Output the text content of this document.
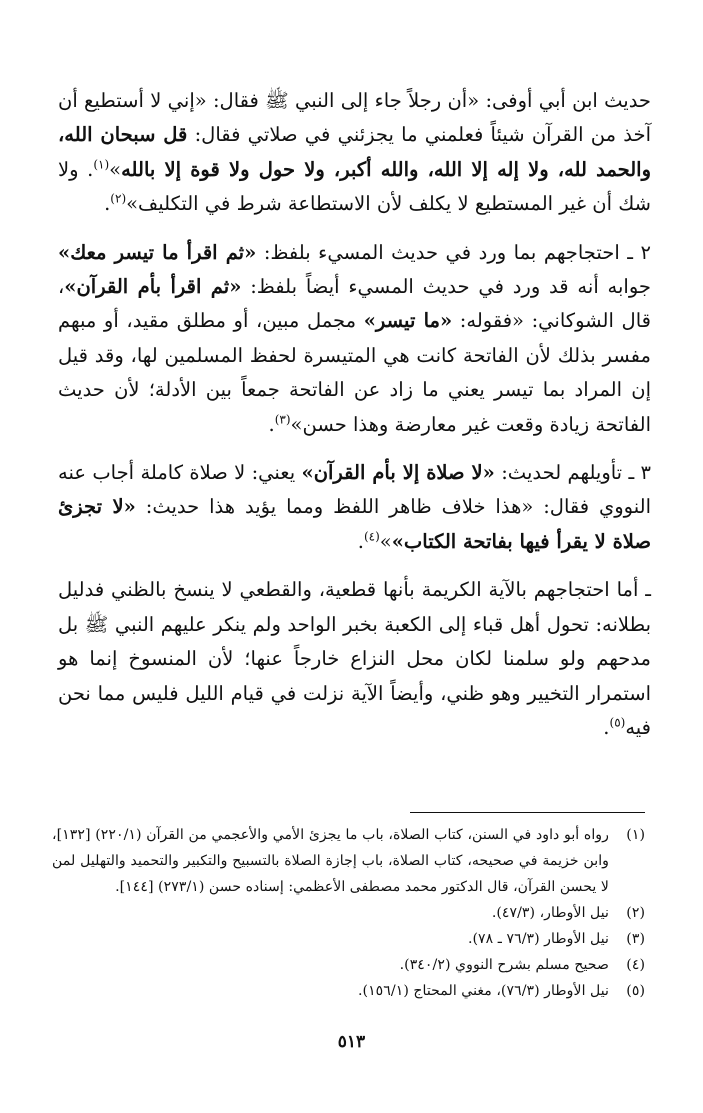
حديث ابن أبي أوفى: «أن رجلاً جاء إلى النبي ﷺ فقال: «إني لا أستطيع أن آخذ من القرآن شيئاً فعلمني ما يجزئني في صلاتي فقال: قل سبحان الله، والحمد لله، ولا إله إلا الله، والله أكبر، ولا حول ولا قوة إلا بالله»$^{(١)}$. ولا شك أن غير المستطيع لا يكلف لأن الاستطاعة شرط في التكليف»$^{(٢)}$.

٢ ـ احتجاجهم بما ورد في حديث المسيء بلفظ: «ثم اقرأ ما تيسر معك» جوابه أنه قد ورد في حديث المسيء أيضاً بلفظ: «ثم اقرأ بأم القرآن»، قال الشوكاني: «فقوله: «ما تيسر» مجمل مبين، أو مطلق مقيد، أو مبهم مفسر بذلك لأن الفاتحة كانت هي المتيسرة لحفظ المسلمين لها، وقد قيل إن المراد بما تيسر يعني ما زاد عن الفاتحة جمعاً بين الأدلة؛ لأن حديث الفاتحة زيادة وقعت غير معارضة وهذا حسن»$^{(٣)}$.

٣ ـ تأويلهم لحديث: «لا صلاة إلا بأم القرآن» يعني: لا صلاة كاملة أجاب عنه النووي فقال: «هذا خلاف ظاهر اللفظ ومما يؤيد هذا حديث: «لا تجزئ صلاة لا يقرأ فيها بفاتحة الكتاب»»$^{(٤)}$.

ـ أما احتجاجهم بالآية الكريمة بأنها قطعية، والقطعي لا ينسخ بالظني فدليل بطلانه: تحول أهل قباء إلى الكعبة بخبر الواحد ولم ينكر عليهم النبي ﷺ بل مدحهم ولو سلمنا لكان محل النزاع خارجاً عنها؛ لأن المنسوخ إنما هو استمرار التخيير وهو ظني، وأيضاً الآية نزلت في قيام الليل فليس مما نحن فيه$^{(٥)}$.

(١)
رواه أبو داود في السنن، كتاب الصلاة، باب ما يجزئ الأمي والأعجمي من القرآن (٢٢٠/١) [١٣٢]، وابن خزيمة في صحيحه، كتاب الصلاة، باب إجازة الصلاة بالتسبيح والتكبير والتحميد والتهليل لمن لا يحسن القرآن، قال الدكتور محمد مصطفى الأعظمي: إسناده حسن (٢٧٣/١) [١٤٤].
(٢)
نيل الأوطار، (٤٧/٣).
(٣)
نيل الأوطار (٧٦/٣ ـ ٧٨).
(٤)
صحيح مسلم بشرح النووي (٣٤٠/٢).
(٥)
نيل الأوطار (٧٦/٣)، مغني المحتاج (١٥٦/١).
٥١٣
